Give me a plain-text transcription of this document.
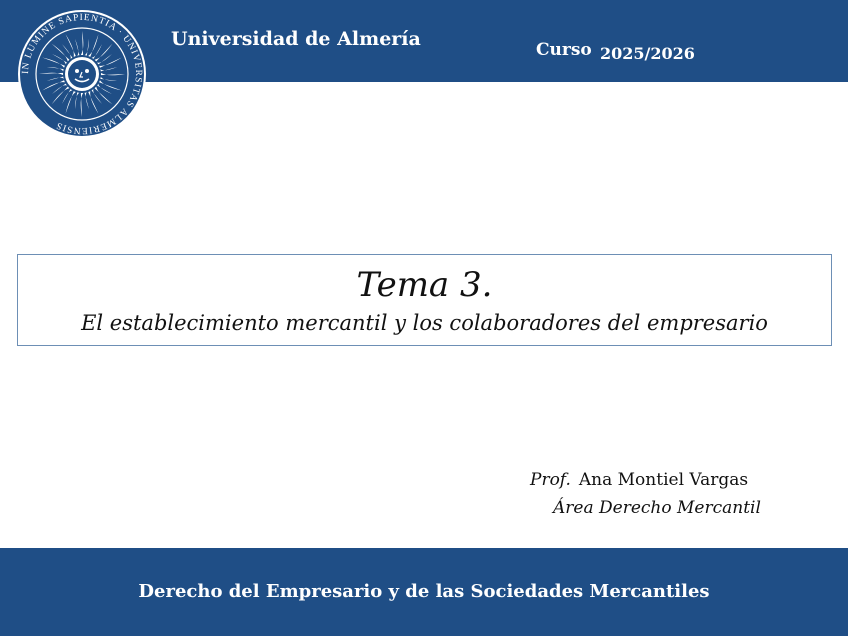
Universidad de Almería	Curso 2025/2026
IN LUMINE SAPIENTIA · UNIVERSITAS ALMERIENSIS
Tema 3.
El establecimiento mercantil y los colaboradores del empresario
Prof. Ana Montiel Vargas
Área Derecho Mercantil
Derecho del Empresario y de las Sociedades Mercantiles
